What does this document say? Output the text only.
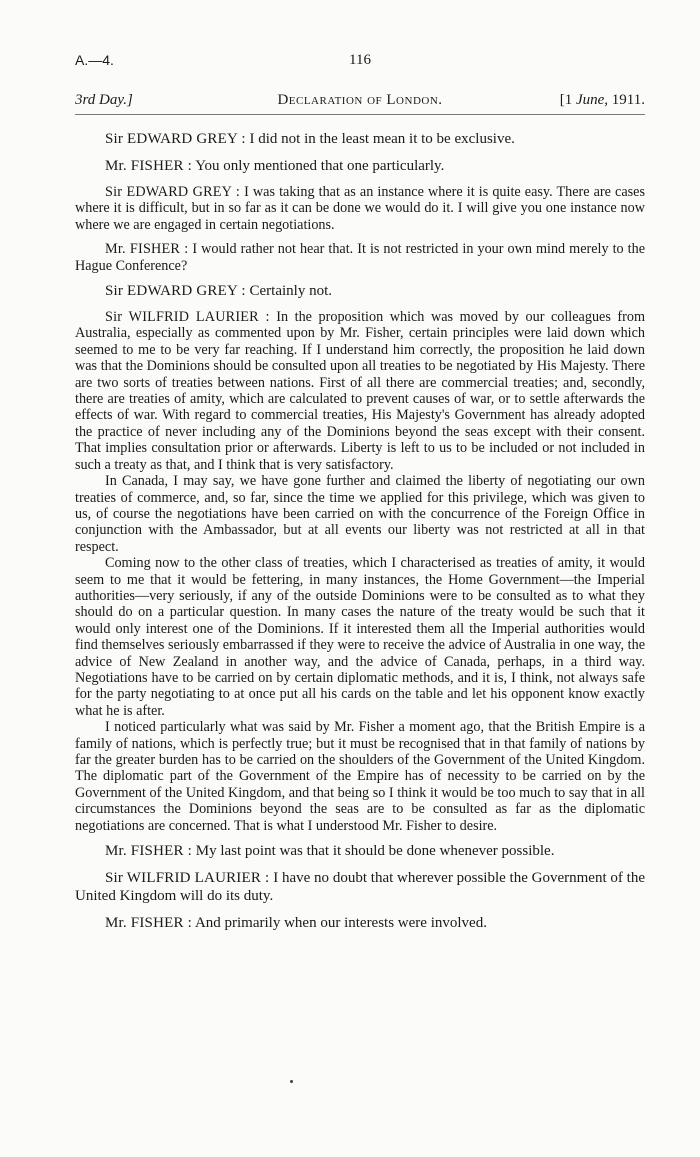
A.—4.	116
3rd Day.]	Declaration of London.	[1 June, 1911.

Sir EDWARD GREY : I did not in the least mean it to be exclusive.

Mr. FISHER : You only mentioned that one particularly.

Sir EDWARD GREY : I was taking that as an instance where it is quite easy. There are cases where it is difficult, but in so far as it can be done we would do it. I will give you one instance now where we are engaged in certain negotiations.

Mr. FISHER : I would rather not hear that. It is not restricted in your own mind merely to the Hague Conference?

Sir EDWARD GREY : Certainly not.

Sir WILFRID LAURIER : In the proposition which was moved by our colleagues from Australia, especially as commented upon by Mr. Fisher, certain principles were laid down which seemed to me to be very far reaching. If I understand him correctly, the proposition he laid down was that the Dominions should be consulted upon all treaties to be negotiated by His Majesty. There are two sorts of treaties between nations. First of all there are commercial treaties; and, secondly, there are treaties of amity, which are calculated to prevent causes of war, or to settle afterwards the effects of war. With regard to commercial treaties, His Majesty's Government has already adopted the practice of never including any of the Dominions beyond the seas except with their consent. That implies consultation prior or afterwards. Liberty is left to us to be included or not included in such a treaty as that, and I think that is very satisfactory.

In Canada, I may say, we have gone further and claimed the liberty of negotiating our own treaties of commerce, and, so far, since the time we applied for this privilege, which was given to us, of course the negotiations have been carried on with the concurrence of the Foreign Office in conjunction with the Ambassador, but at all events our liberty was not restricted at all in that respect.

Coming now to the other class of treaties, which I characterised as treaties of amity, it would seem to me that it would be fettering, in many instances, the Home Government—the Imperial authorities—very seriously, if any of the outside Dominions were to be consulted as to what they should do on a particular question. In many cases the nature of the treaty would be such that it would only interest one of the Dominions. If it interested them all the Imperial authorities would find themselves seriously embarrassed if they were to receive the advice of Australia in one way, the advice of New Zealand in another way, and the advice of Canada, perhaps, in a third way. Negotiations have to be carried on by certain diplomatic methods, and it is, I think, not always safe for the party negotiating to at once put all his cards on the table and let his opponent know exactly what he is after.

I noticed particularly what was said by Mr. Fisher a moment ago, that the British Empire is a family of nations, which is perfectly true; but it must be recognised that in that family of nations by far the greater burden has to be carried on the shoulders of the Government of the United Kingdom. The diplomatic part of the Government of the Empire has of necessity to be carried on by the Government of the United Kingdom, and that being so I think it would be too much to say that in all circumstances the Dominions beyond the seas are to be consulted as far as the diplomatic negotiations are concerned. That is what I understood Mr. Fisher to desire.

Mr. FISHER : My last point was that it should be done whenever possible.

Sir WILFRID LAURIER : I have no doubt that wherever possible the Government of the United Kingdom will do its duty.

Mr. FISHER : And primarily when our interests were involved.
